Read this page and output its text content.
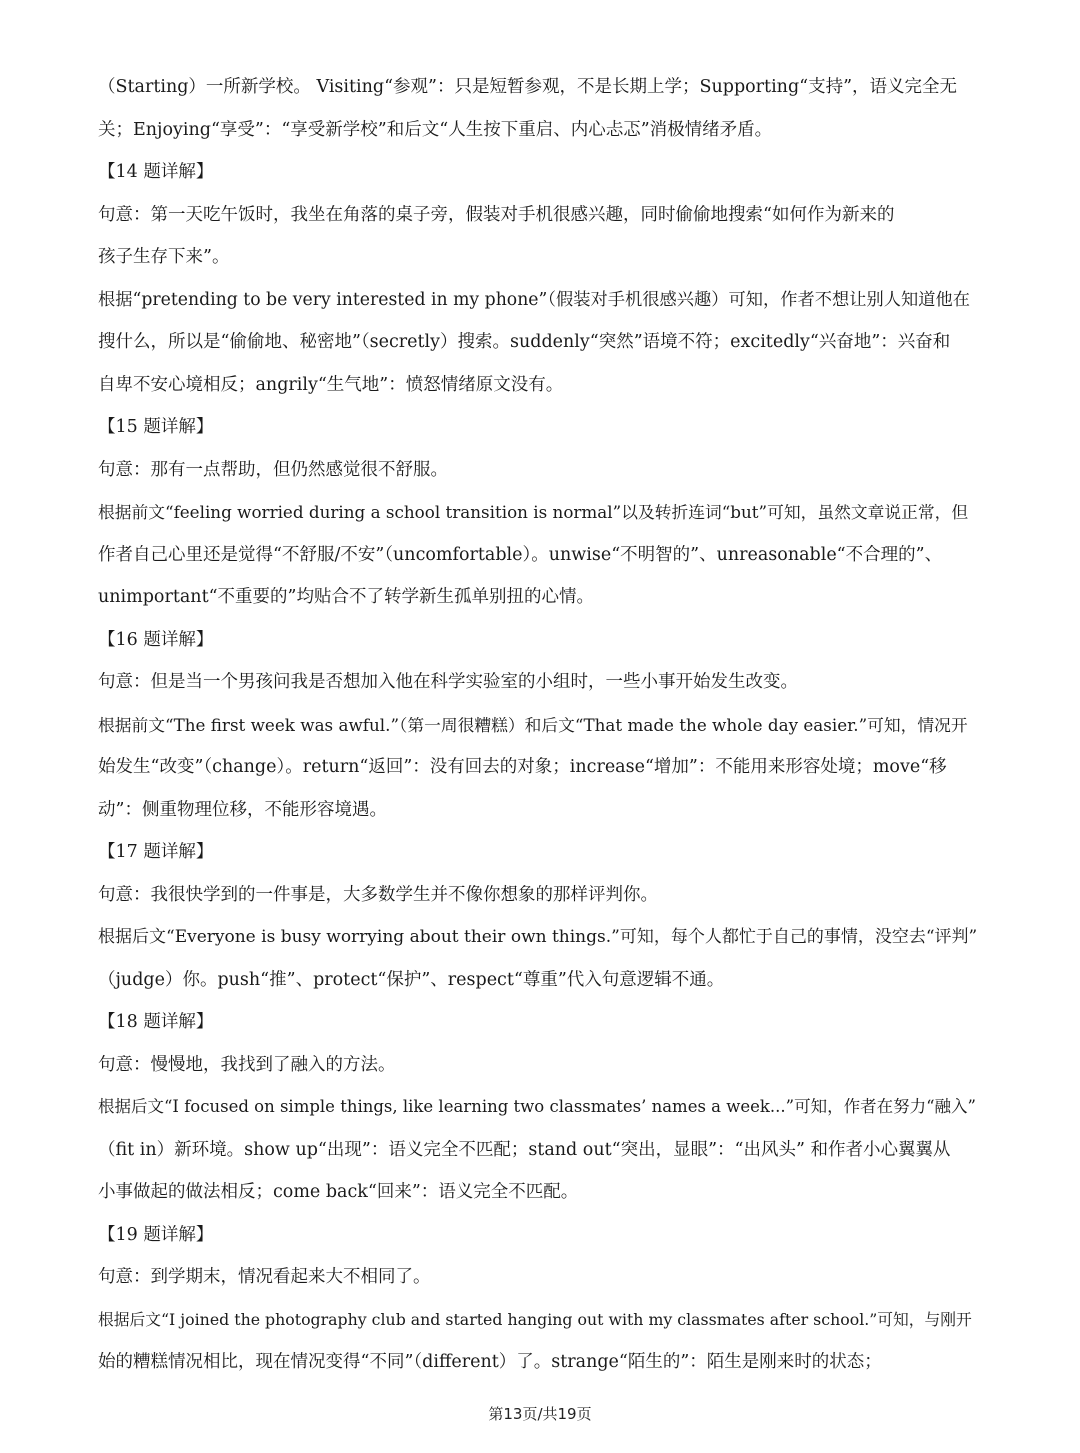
（Starting）一所新学校。 Visiting“参观”：只是短暂参观，不是长期上学；Supporting“支持”，语义完全无
关；Enjoying“享受”：“享受新学校”和后文“人生按下重启、内心忐忑”消极情绪矛盾。
【14 题详解】
句意：第一天吃午饭时，我坐在角落的桌子旁，假装对手机很感兴趣，同时偷偷地搜索“如何作为新来的
孩子生存下来”。
根据“pretending to be very interested in my phone”（假装对手机很感兴趣）可知，作者不想让别人知道他在
搜什么，所以是“偷偷地、秘密地”（secretly）搜索。suddenly“突然”语境不符；excitedly“兴奋地”：兴奋和
自卑不安心境相反；angrily“生气地”：愤怒情绪原文没有。
【15 题详解】
句意：那有一点帮助，但仍然感觉很不舒服。
根据前文“feeling worried during a school transition is normal”以及转折连词“but”可知，虽然文章说正常，但
作者自己心里还是觉得“不舒服/不安”（uncomfortable）。unwise“不明智的”、unreasonable“不合理的”、
unimportant“不重要的”均贴合不了转学新生孤单别扭的心情。
【16 题详解】
句意：但是当一个男孩问我是否想加入他在科学实验室的小组时，一些小事开始发生改变。
根据前文“The first week was awful.”（第一周很糟糕）和后文“That made the whole day easier.”可知，情况开
始发生“改变”（change）。return“返回”：没有回去的对象；increase“增加”：不能用来形容处境；move“移
动”：侧重物理位移，不能形容境遇。
【17 题详解】
句意：我很快学到的一件事是，大多数学生并不像你想象的那样评判你。
根据后文“Everyone is busy worrying about their own things.”可知，每个人都忙于自己的事情，没空去“评判”
（judge）你。push“推”、protect“保护”、respect“尊重”代入句意逻辑不通。
【18 题详解】
句意：慢慢地，我找到了融入的方法。
根据后文“I focused on simple things, like learning two classmates’ names a week...”可知，作者在努力“融入”
（fit in）新环境。show up“出现”：语义完全不匹配；stand out“突出，显眼”：“出风头” 和作者小心翼翼从
小事做起的做法相反；come back“回来”：语义完全不匹配。
【19 题详解】
句意：到学期末，情况看起来大不相同了。
根据后文“I joined the photography club and started hanging out with my classmates after school.”可知，与刚开
始的糟糕情况相比，现在情况变得“不同”（different）了。strange“陌生的”：陌生是刚来时的状态；
第13页/共19页
